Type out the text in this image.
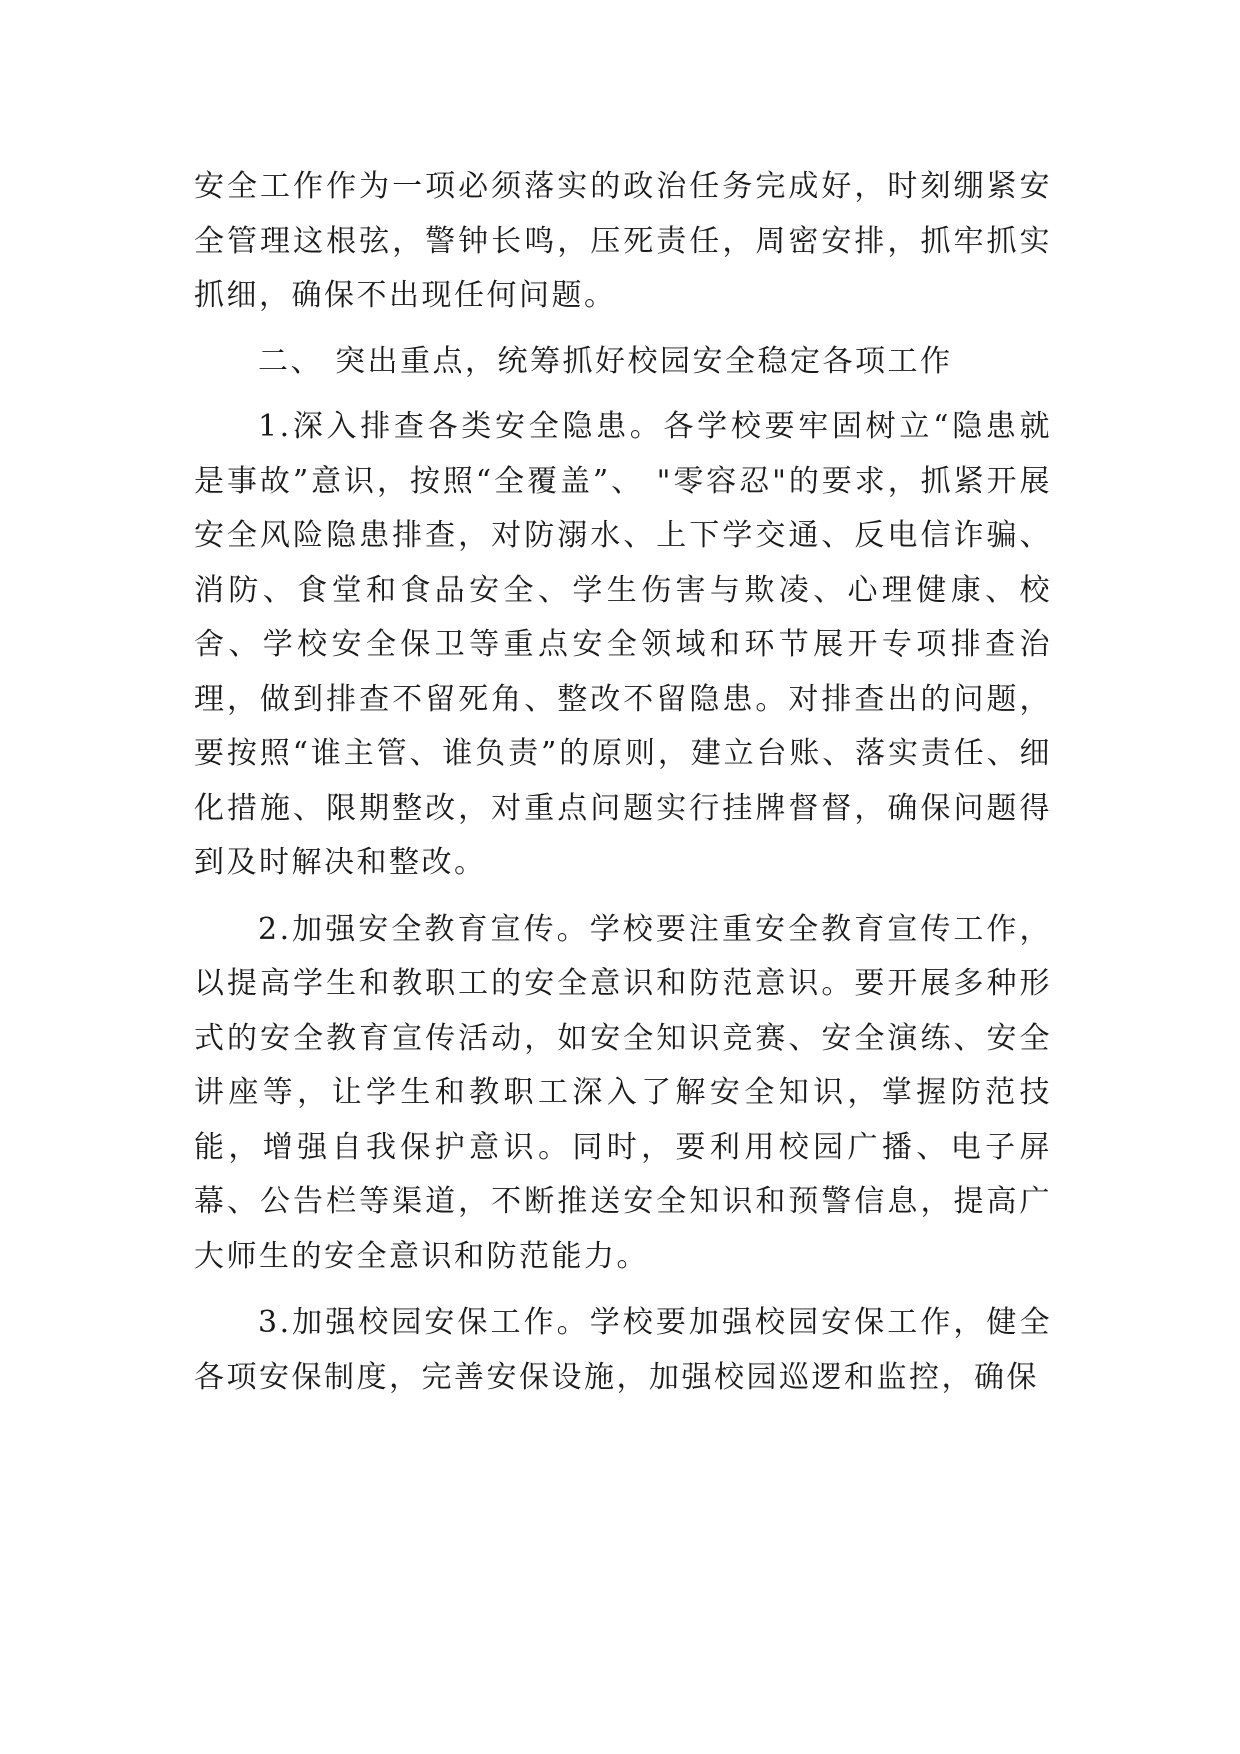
安全工作作为一项必须落实的政治任务完成好，时刻绷紧安全管理这根弦，警钟长鸣，压死责任，周密安排，抓牢抓实抓细，确保不出现任何问题。

二、 突出重点，统筹抓好校园安全稳定各项工作

1.深入排查各类安全隐患。各学校要牢固树立“隐患就是事故”意识，按照“全覆盖”、 "零容忍"的要求，抓紧开展安全风险隐患排查，对防溺水、上下学交通、反电信诈骗、消防、食堂和食品安全、学生伤害与欺凌、心理健康、校舍、学校安全保卫等重点安全领域和环节展开专项排查治理，做到排查不留死角、整改不留隐患。对排查出的问题，要按照“谁主管、谁负责”的原则，建立台账、落实责任、细化措施、限期整改，对重点问题实行挂牌督督，确保问题得到及时解决和整改。

2.加强安全教育宣传。学校要注重安全教育宣传工作，以提高学生和教职工的安全意识和防范意识。要开展多种形式的安全教育宣传活动，如安全知识竞赛、安全演练、安全讲座等，让学生和教职工深入了解安全知识，掌握防范技能，增强自我保护意识。同时，要利用校园广播、电子屏幕、公告栏等渠道，不断推送安全知识和预警信息，提高广大师生的安全意识和防范能力。

3.加强校园安保工作。学校要加强校园安保工作，健全各项安保制度，完善安保设施，加强校园巡逻和监控，确保
